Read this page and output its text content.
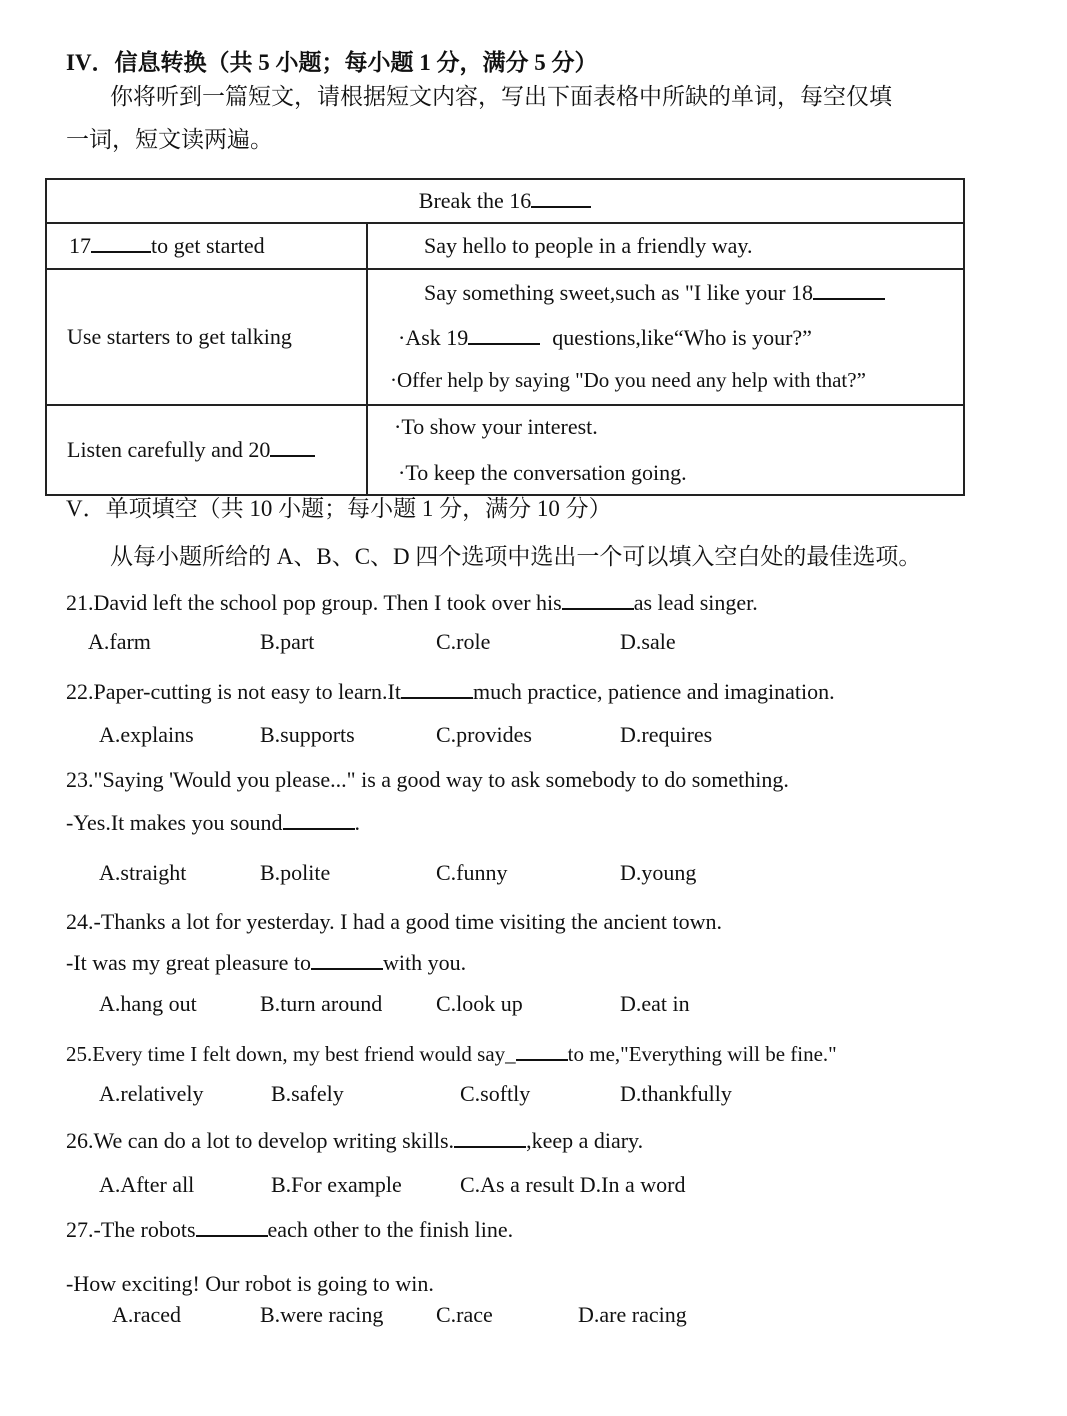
IV．信息转换（共 5 小题；每小题 1 分，满分 5 分）
你将听到一篇短文，请根据短文内容，写出下面表格中所缺的单词，每空仅填
一词，短文读两遍。
Break the 16	
17 to get started	Say hello to people in a friendly way.
Use starters to get talking	Say something sweet,such as "I like your 18
·Ask 19 questions,like“Who is your?”
·Offer help by saying "Do you need any help with that?”

Listen carefully and 20	·To show your interest.
·To keep the conversation going.
V．单项填空（共 10 小题；每小题 1 分，满分 10 分）
从每小题所给的 A、B、C、D 四个选项中选出一个可以填入空白处的最佳选项。
21.David left the school pop group. Then I took over his	as lead singer.
A.farm	B.part	C.role	D.sale
22.Paper-cutting is not easy to learn.It	much practice, patience and imagination.
A.explains	B.supports	C.provides	D.requires
23."Saying 'Would you please..." is a good way to ask somebody to do something.
-Yes.It makes you sound	.
A.straight	B.polite	C.funny	D.young
24.-Thanks a lot for yesterday. I had a good time visiting the ancient town.
-It was my great pleasure to	with you.
A.hang out	B.turn around C.look up	D.eat in
25.Every time I felt down, my best friend would say_ to me,"Everything will be fine."
A.relatively	B.safely	C.softly	D.thankfully
26.We can do a lot to develop writing skills.	,keep a diary.
A.After all	B.For example	C.As a result D.In a word
27.-The robots	each other to the finish line.
-How exciting! Our robot is going to win.
A.raced	B.were racing C.race	D.are racing
